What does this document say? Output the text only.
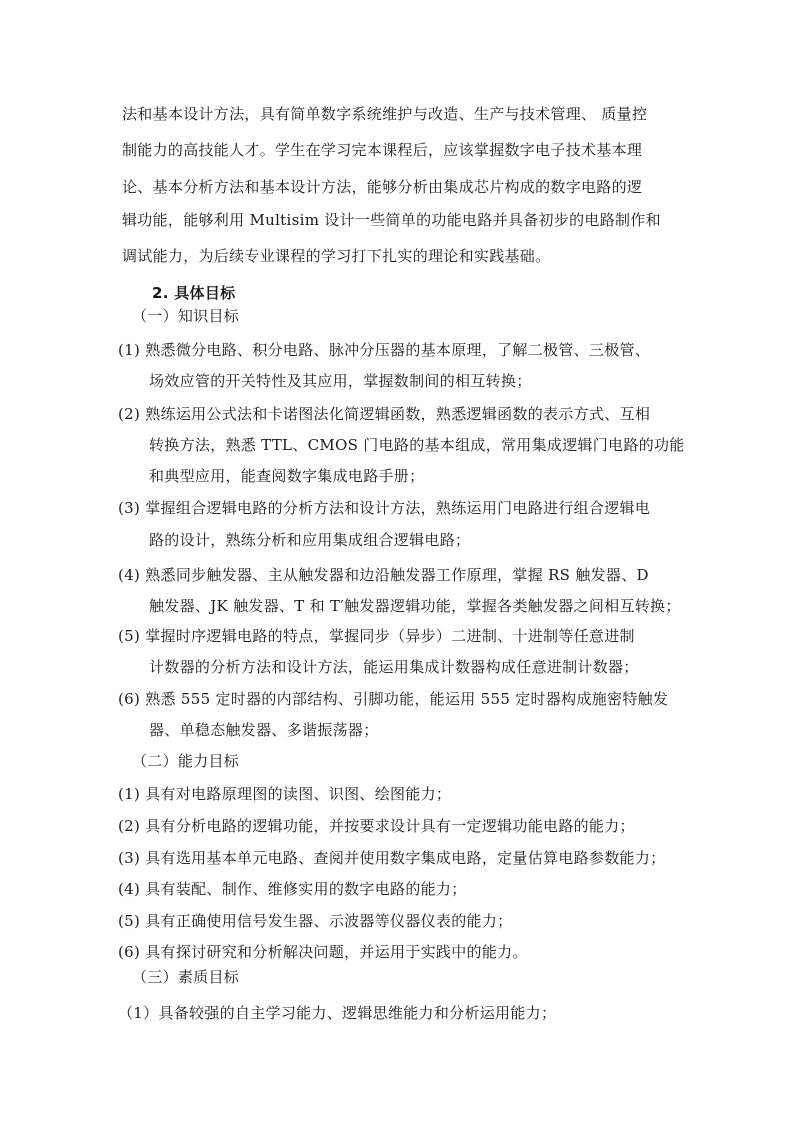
法和基本设计方法，具有简单数字系统维护与改造、生产与技术管理、 质量控
制能力的高技能人才。学生在学习完本课程后，应该掌握数字电子技术基本理
论、基本分析方法和基本设计方法，能够分析由集成芯片构成的数字电路的逻
辑功能，能够利用 Multisim 设计一些简单的功能电路并具备初步的电路制作和
调试能力，为后续专业课程的学习打下扎实的理论和实践基础。
2. 具体目标
（一）知识目标
(1) 熟悉微分电路、积分电路、脉冲分压器的基本原理，了解二极管、三极管、
场效应管的开关特性及其应用，掌握数制间的相互转换；
(2) 熟练运用公式法和卡诺图法化简逻辑函数，熟悉逻辑函数的表示方式、互相
转换方法，熟悉 TTL、CMOS 门电路的基本组成，常用集成逻辑门电路的功能
和典型应用，能查阅数字集成电路手册；
(3) 掌握组合逻辑电路的分析方法和设计方法，熟练运用门电路进行组合逻辑电
路的设计，熟练分析和应用集成组合逻辑电路；
(4) 熟悉同步触发器、主从触发器和边沿触发器工作原理，掌握 RS 触发器、D
触发器、JK 触发器、T 和 T′触发器逻辑功能，掌握各类触发器之间相互转换；
(5) 掌握时序逻辑电路的特点，掌握同步（异步）二进制、十进制等任意进制
计数器的分析方法和设计方法，能运用集成计数器构成任意进制计数器；
(6) 熟悉 555 定时器的内部结构、引脚功能，能运用 555 定时器构成施密特触发
器、单稳态触发器、多谐振荡器；
（二）能力目标
(1) 具有对电路原理图的读图、识图、绘图能力；
(2) 具有分析电路的逻辑功能，并按要求设计具有一定逻辑功能电路的能力；
(3) 具有选用基本单元电路、查阅并使用数字集成电路，定量估算电路参数能力；
(4) 具有装配、制作、维修实用的数字电路的能力；
(5) 具有正确使用信号发生器、示波器等仪器仪表的能力；
(6) 具有探讨研究和分析解决问题，并运用于实践中的能力。
（三）素质目标
（1）具备较强的自主学习能力、逻辑思维能力和分析运用能力；
